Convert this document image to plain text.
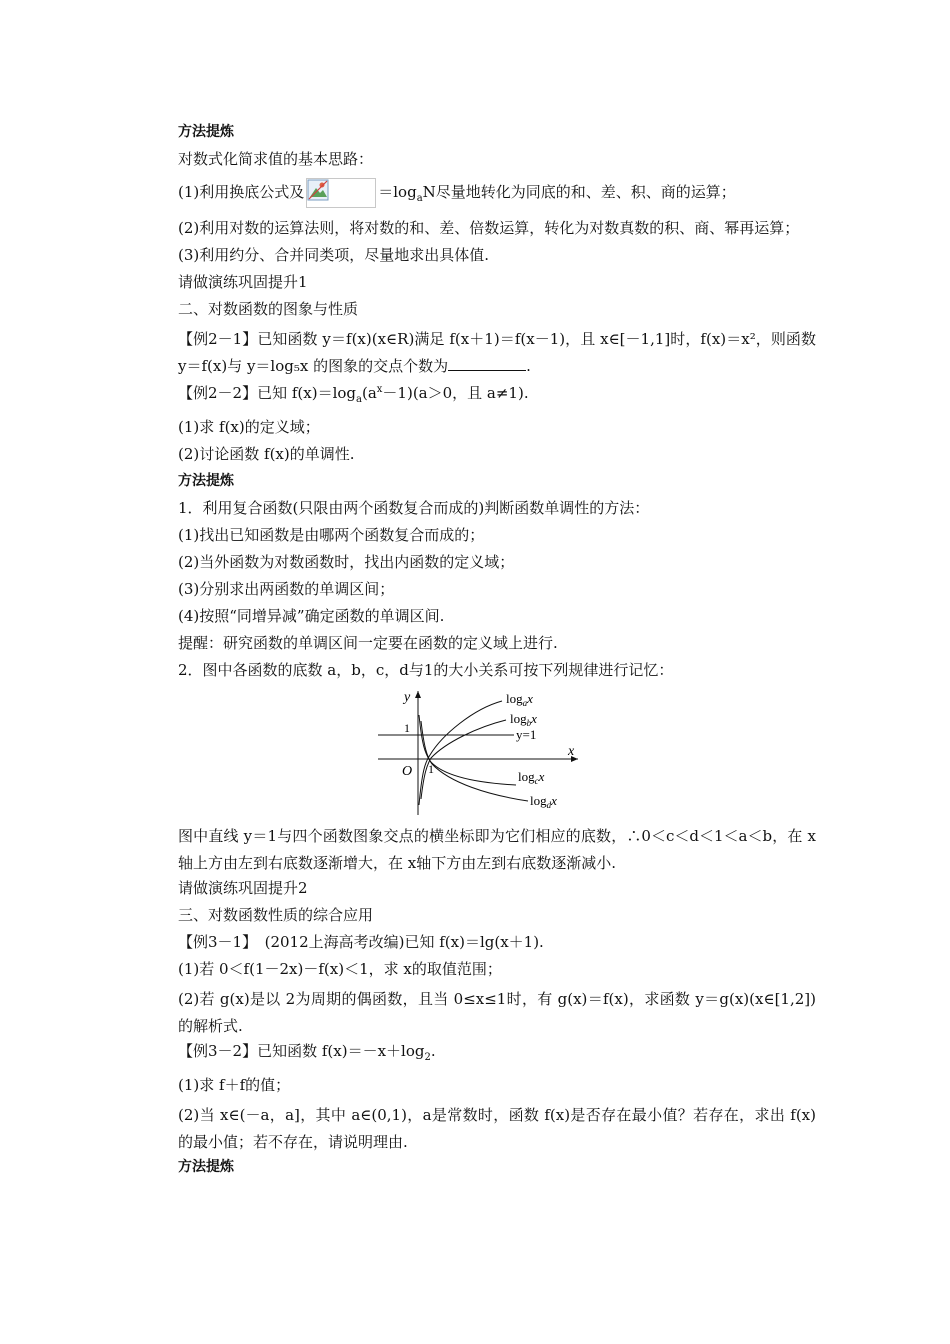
方法提炼
对数式化简求值的基本思路：
(1)利用换底公式及	$=\log_aN$尽量地转化为同底的和、差、积、商的运算；
(2)利用对数的运算法则，将对数的和、差、倍数运算，转化为对数真数的积、商、幂再运算；
(3)利用约分、合并同类项，尽量地求出具体值.
请做演练巩固提升1
二、对数函数的图象与性质
【例2－1】已知函数 y＝f(x)(x∈R)满足 f(x＋1)＝f(x－1)，且 x∈[－1,1]时，f(x)＝x²，则函数 y＝f(x)与 y＝log₅x 的图象的交点个数为	.
【例2－2】已知 $f(x)=\log_a(a^x-1)(a>0$，且 a≠1).
(1)求 f(x)的定义域；
(2)讨论函数 f(x)的单调性.
方法提炼
1．利用复合函数(只限由两个函数复合而成的)判断函数单调性的方法：
(1)找出已知函数是由哪两个函数复合而成的；
(2)当外函数为对数函数时，找出内函数的定义域；
(3)分别求出两函数的单调区间；
(4)按照“同增异减”确定函数的单调区间.
提醒：研究函数的单调区间一定要在函数的定义域上进行.
2．图中各函数的底数 a，b，c，d与1的大小关系可按下列规律进行记忆：
y
x
O
1
1
y=1
$\log_ax$
$\log_bx$
$\log_cx$
$\log_dx$
图中直线 y＝1与四个函数图象交点的横坐标即为它们相应的底数，∴0＜c＜d＜1＜a＜b，在 x轴上方由左到右底数逐渐增大，在 x轴下方由左到右底数逐渐减小.
请做演练巩固提升2
三、对数函数性质的综合应用
【例3－1】　(2012上海高考改编)已知 f(x)＝lg(x＋1).
(1)若 0＜f(1－2x)－f(x)＜1，求 x的取值范围；
(2)若 g(x)是以 2为周期的偶函数，且当 0≤x≤1时，有 g(x)＝f(x)，求函数 y＝g(x)(x∈[1,2])的解析式.
【例3－2】已知函数 $f(x)=-x+\log_2$.
(1)求 f＋f的值；
(2)当 x∈(－a，a]，其中 a∈(0,1)，a是常数时，函数 f(x)是否存在最小值？若存在，求出 f(x)的最小值；若不存在，请说明理由.
方法提炼
